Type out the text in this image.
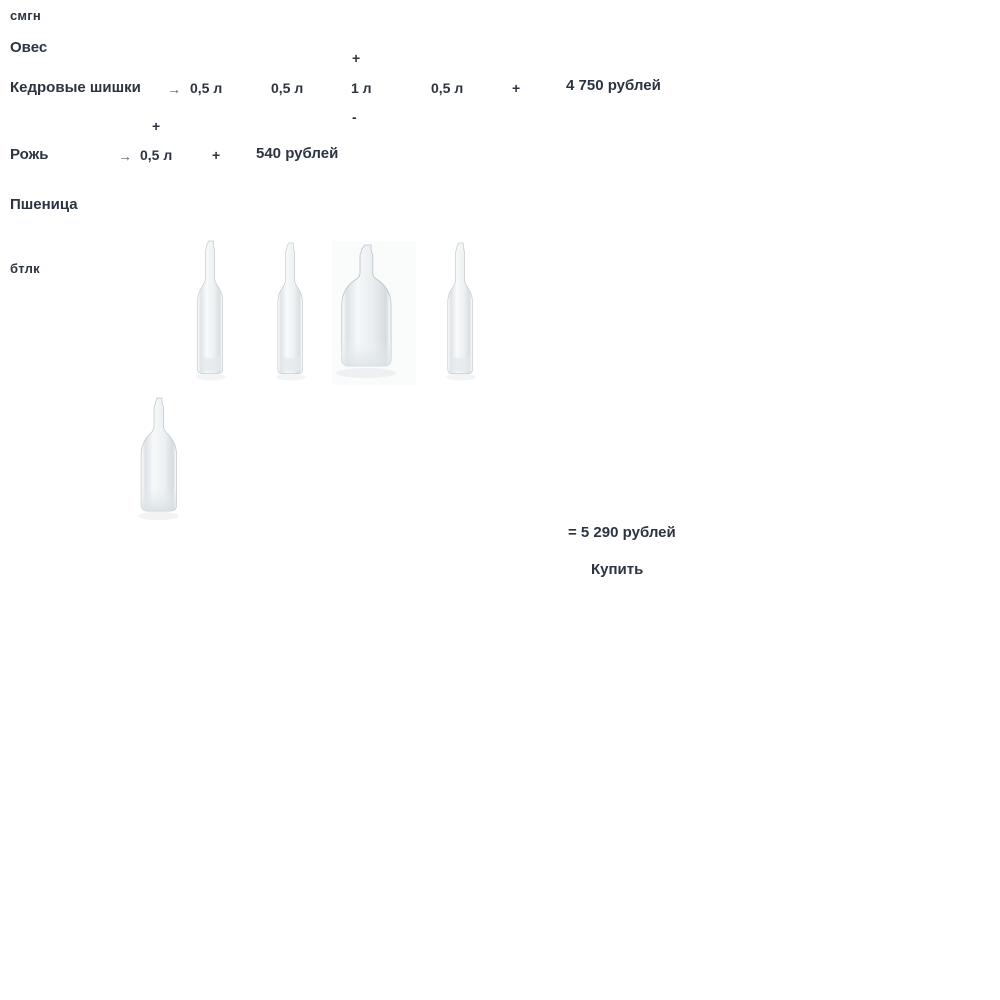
смгн
Овес
Кедровые шишки	→ 0,5 л	0,5 л	1 л	0,5 л	+	4 750 рублей
+
-
+
Рожь	→ 0,5 л	+ 540 рублей
Пшеница
бтлк
= 5 290 рублей
Купить
